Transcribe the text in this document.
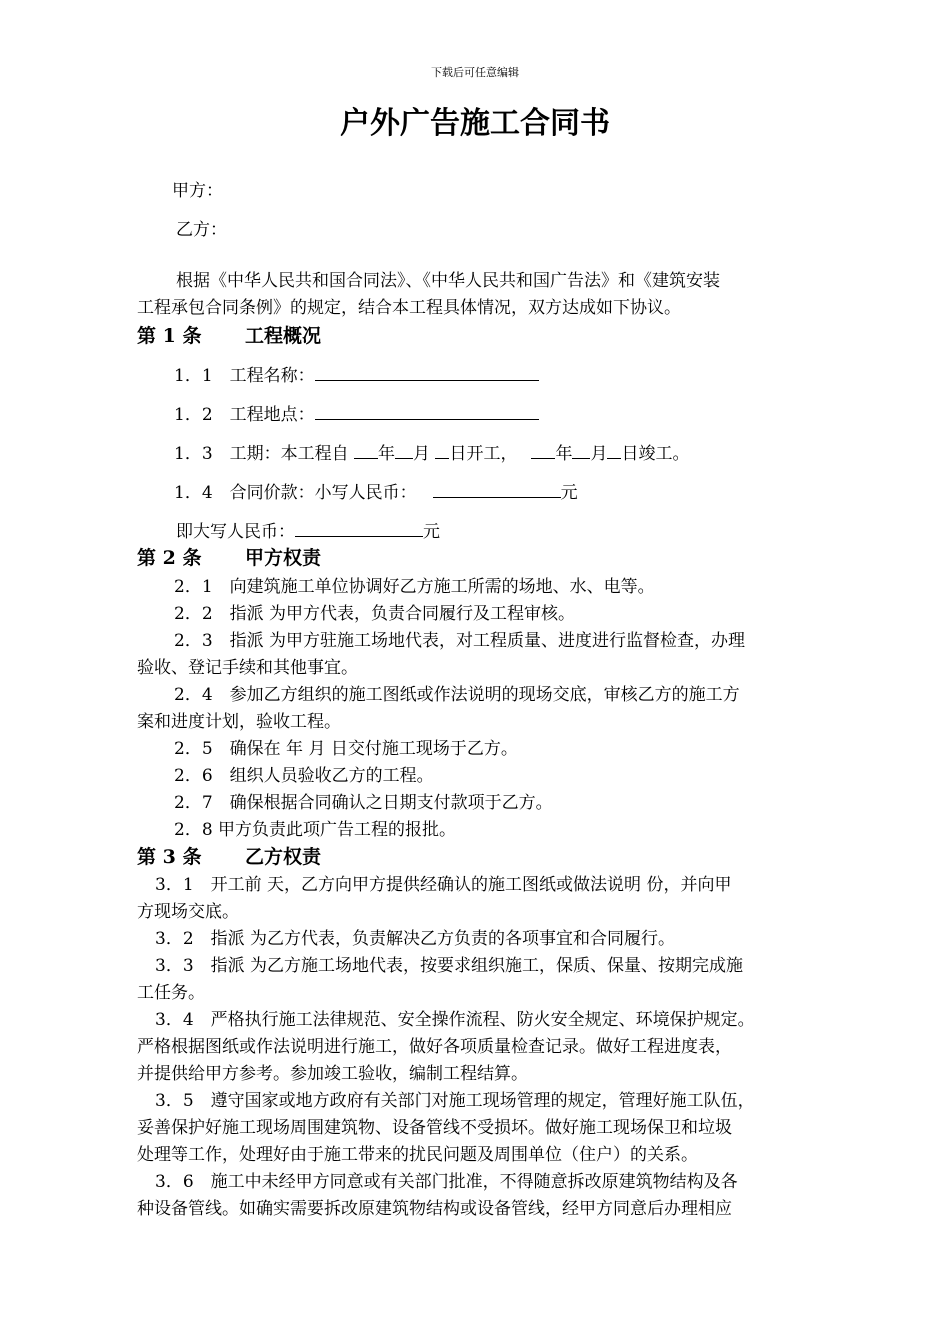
下载后可任意编辑
户外广告施工合同书
甲方：
乙方：
根据《中华人民共和国合同法》、《中华人民共和国广告法》和《建筑安装
工程承包合同条例》的规定，结合本工程具体情况，双方达成如下协议。
第 1 条 工程概况
1．1　工程名称：
1．2　工程地点：
1．3　工期：本工程自 年 月 日开工， 年 月 日竣工。
1．4　合同价款：小写人民币：	元
即大写人民币：	元
第 2 条 甲方权责
2．1　向建筑施工单位协调好乙方施工所需的场地、水、电等。
2．2　指派 为甲方代表，负责合同履行及工程审核。
2．3　指派 为甲方驻施工场地代表，对工程质量、进度进行监督检查，办理
验收、登记手续和其他事宜。
2．4　参加乙方组织的施工图纸或作法说明的现场交底，审核乙方的施工方
案和进度计划，验收工程。
2．5　确保在 年 月 日交付施工现场于乙方。
2．6　组织人员验收乙方的工程。
2．7　确保根据合同确认之日期支付款项于乙方。
2．8 甲方负责此项广告工程的报批。
第 3 条 乙方权责
3．1　开工前 天，乙方向甲方提供经确认的施工图纸或做法说明 份，并向甲
方现场交底。
3．2　指派 为乙方代表，负责解决乙方负责的各项事宜和合同履行。
3．3　指派 为乙方施工场地代表，按要求组织施工，保质、保量、按期完成施
工任务。
3．4　严格执行施工法律规范、安全操作流程、防火安全规定、环境保护规定。
严格根据图纸或作法说明进行施工，做好各项质量检查记录。做好工程进度表，
并提供给甲方参考。参加竣工验收，编制工程结算。
3．5　遵守国家或地方政府有关部门对施工现场管理的规定，管理好施工队伍，
妥善保护好施工现场周围建筑物、设备管线不受损坏。做好施工现场保卫和垃圾
处理等工作，处理好由于施工带来的扰民问题及周围单位（住户）的关系。
3．6　施工中未经甲方同意或有关部门批准，不得随意拆改原建筑物结构及各
种设备管线。如确实需要拆改原建筑物结构或设备管线，经甲方同意后办理相应
